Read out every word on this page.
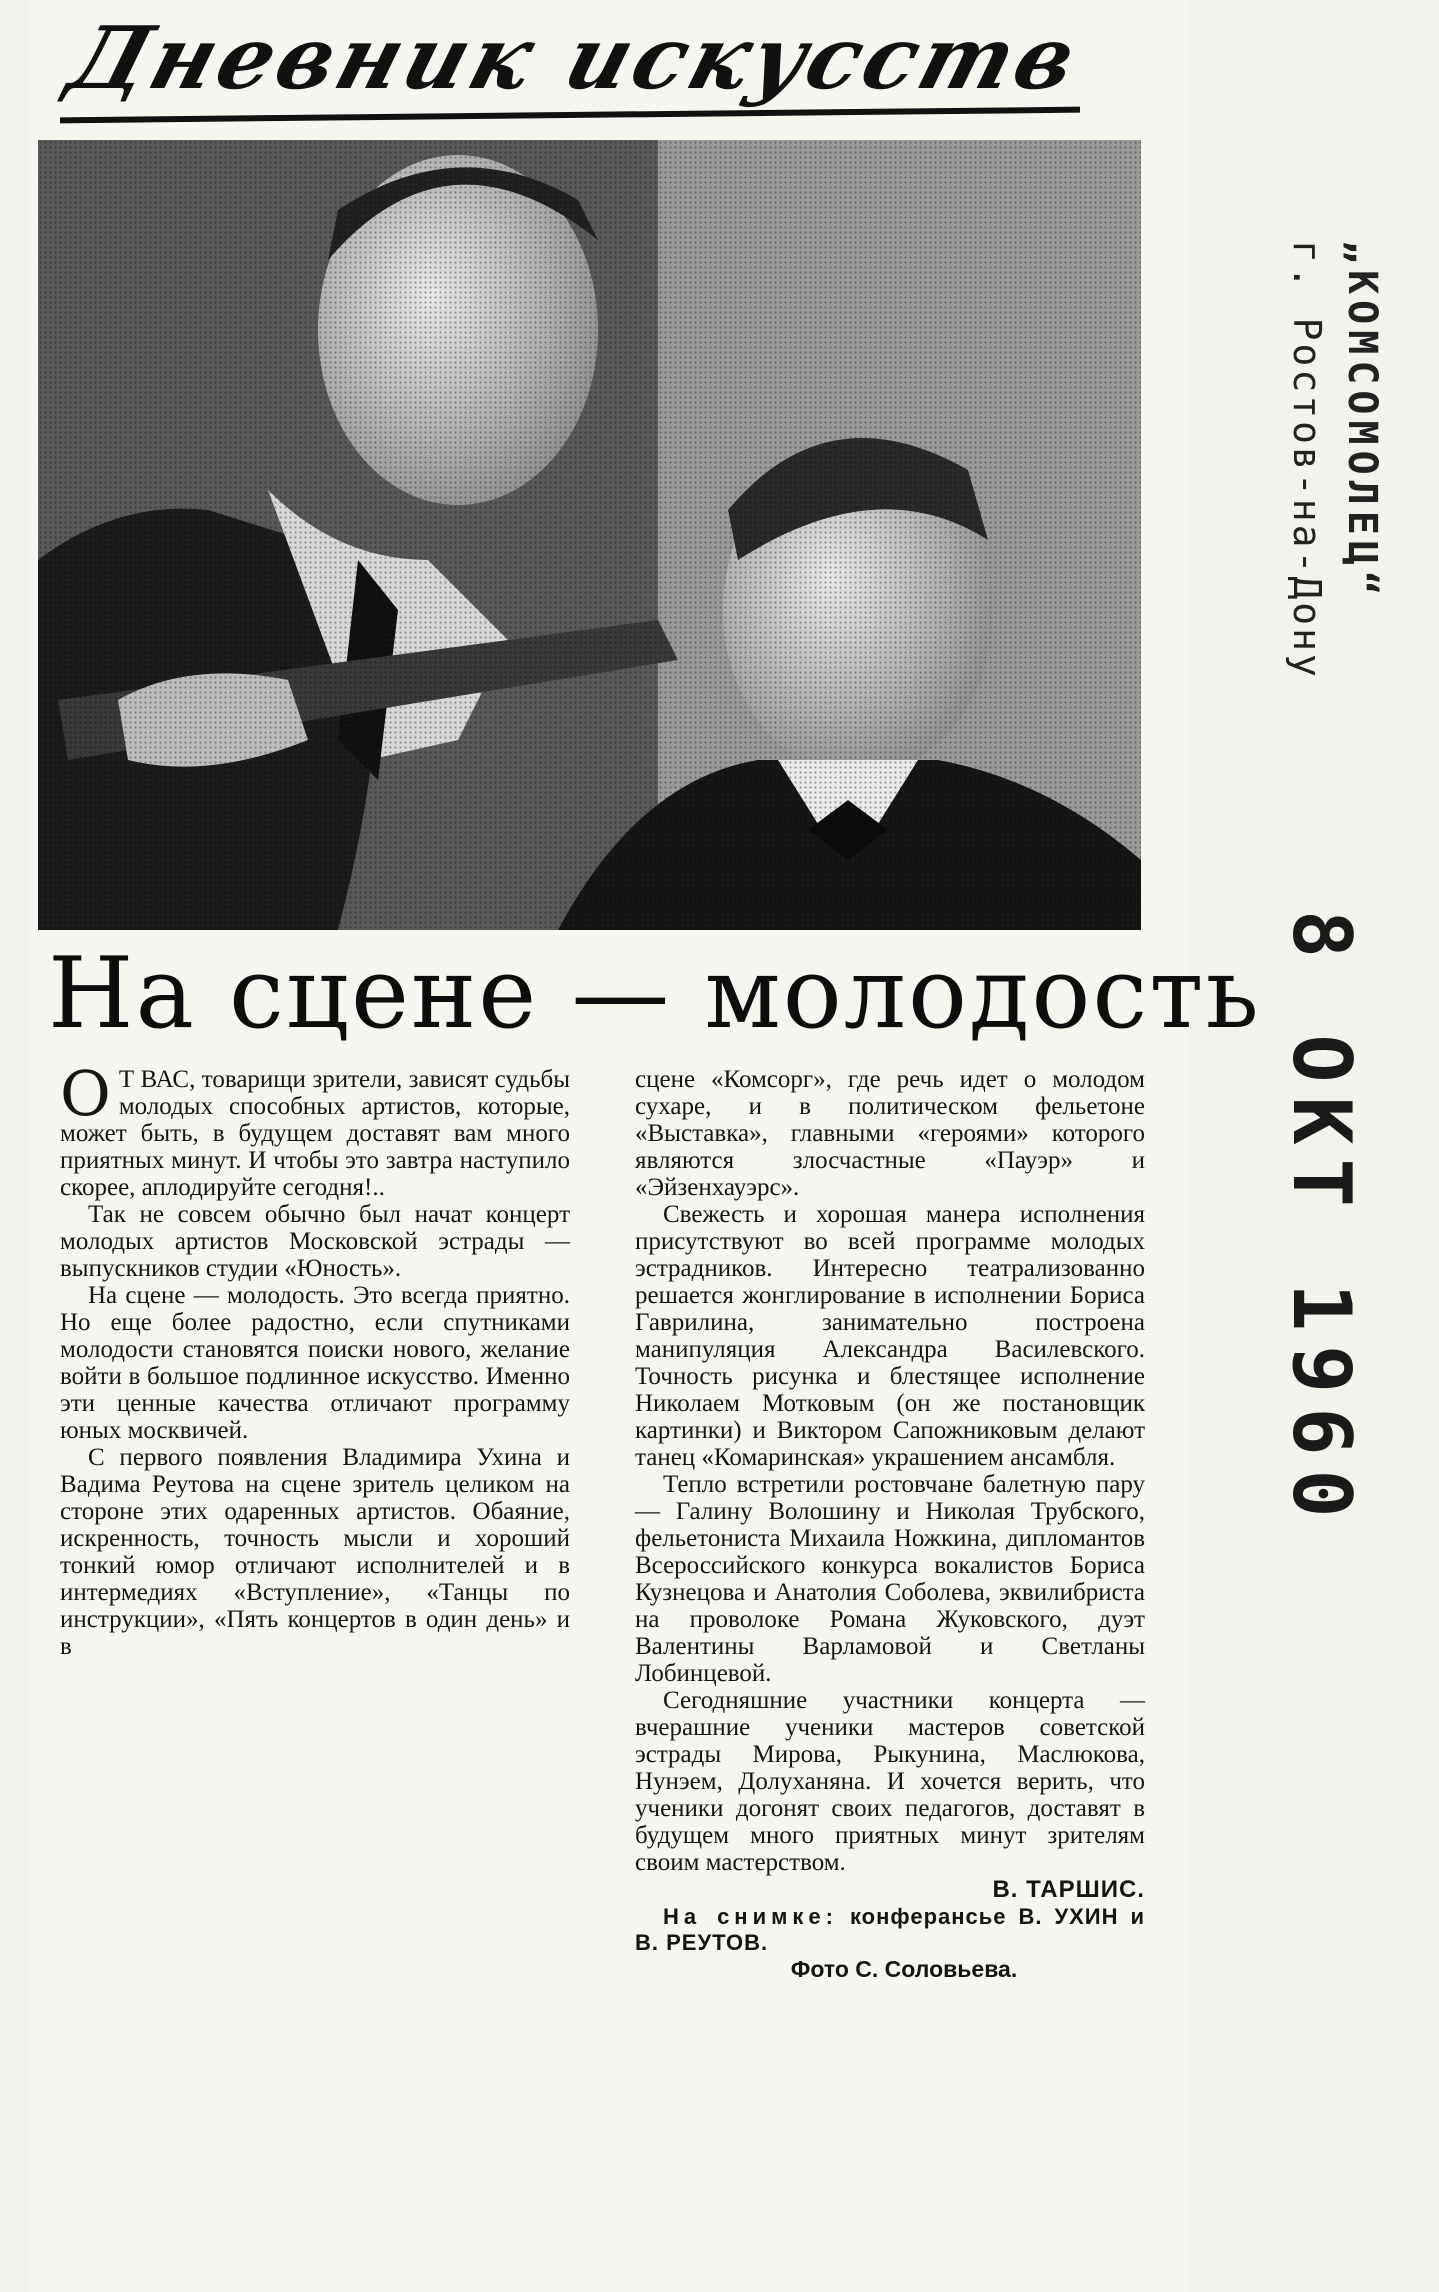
Дневник искусств
На сцене — молодость
О Т ВАС, товарищи зрители, зависят судьбы молодых способных артистов, которые, может быть, в будущем доставят вам много приятных минут. И чтобы это завтра наступило скорее, аплодируйте сегодня!..

Так не совсем обычно был начат концерт молодых артистов Московской эстрады — выпускников студии «Юность».

На сцене — молодость. Это всегда приятно. Но еще более радостно, если спутниками молодости становятся поиски нового, желание войти в большое подлинное искусство. Именно эти ценные качества отличают программу юных москвичей.

С первого появления Владимира Ухина и Вадима Реутова на сцене зритель целиком на стороне этих одаренных артистов. Обаяние, искренность, точность мысли и хороший тонкий юмор отличают исполнителей и в интермедиях «Вступление», «Танцы по инструкции», «Пять концертов в один день» и в

сцене «Комсорг», где речь идет о молодом сухаре, и в политическом фельетоне «Выставка», главными «героями» которого являются злосчастные «Пауэр» и «Эйзенхауэрс».

Свежесть и хорошая манера исполнения присутствуют во всей программе молодых эстрадников. Интересно театрализованно решается жонглирование в исполнении Бориса Гаврилина, занимательно построена манипуляция Александра Василевского. Точность рисунка и блестящее исполнение Николаем Мотковым (он же постановщик картинки) и Виктором Сапожниковым делают танец «Комаринская» украшением ансамбля.

Тепло встретили ростовчане балетную пару — Галину Волошину и Николая Трубского, фельетониста Михаила Ножкина, дипломантов Всероссийского конкурса вокалистов Бориса Кузнецова и Анатолия Соболева, эквилибриста на проволоке Романа Жуковского, дуэт Валентины Варламовой и Светланы Лобинцевой.

Сегодняшние участники концерта — вчерашние ученики мастеров советской эстрады Мирова, Рыкунина, Маслюкова, Нунэем, Долуханяна. И хочется верить, что ученики догонят своих педагогов, доставят в будущем много приятных минут зрителям своим мастерством.

В. ТАРШИС.

На снимке: конферансье В. УХИН и В. РЕУТОВ.

Фото С. Соловьева.

„КОМСОМОЛЕЦ“
г. Ростов-на-Дону
8 ОКТ 1960
